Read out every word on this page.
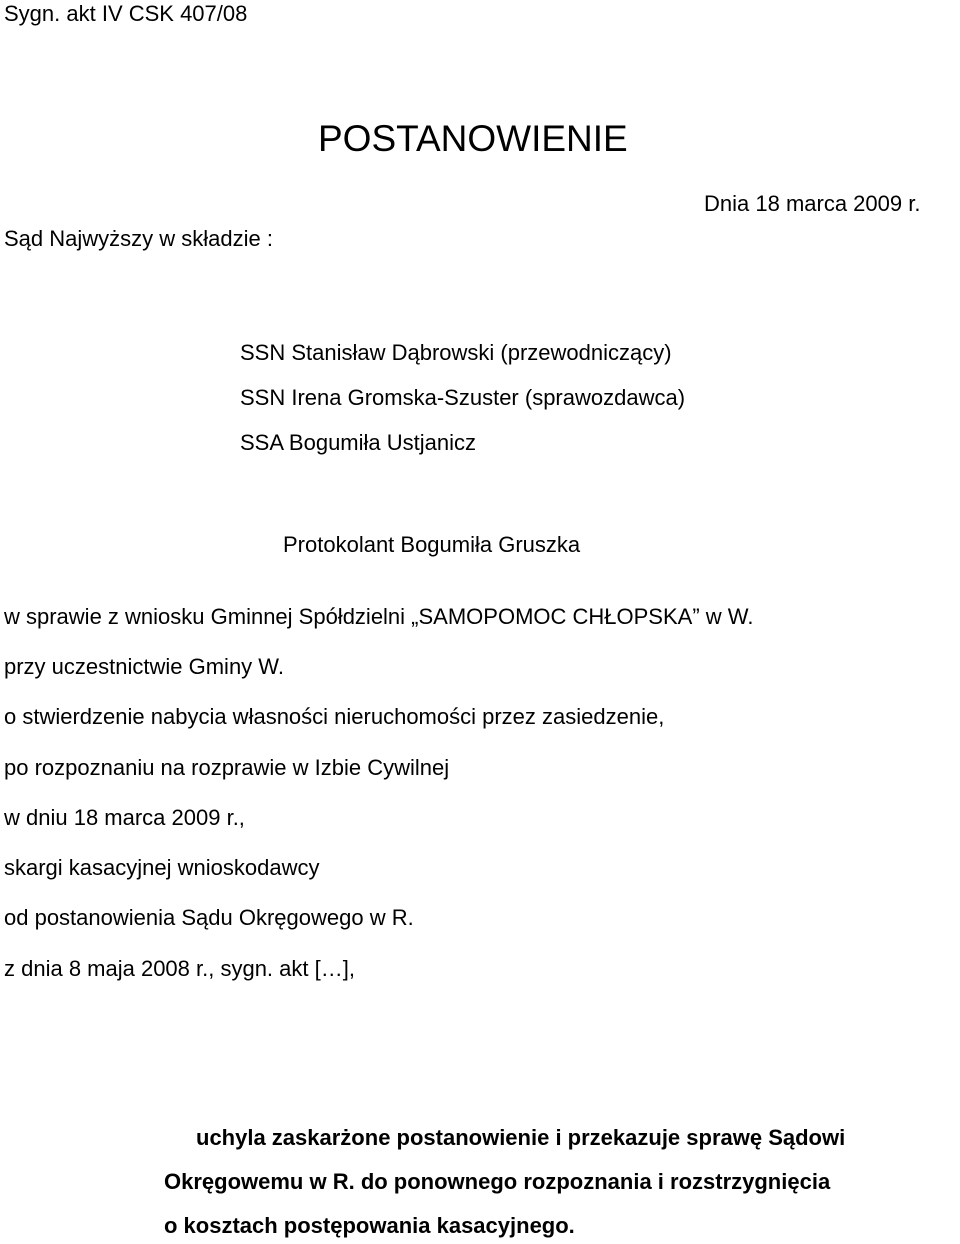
Sygn. akt IV CSK 407/08
POSTANOWIENIE
Dnia 18 marca 2009 r.
Sąd Najwyższy w składzie :
SSN Stanisław Dąbrowski (przewodniczący)
SSN Irena Gromska-Szuster (sprawozdawca)
SSA Bogumiła Ustjanicz
Protokolant Bogumiła Gruszka
w sprawie z wniosku Gminnej Spółdzielni „SAMOPOMOC CHŁOPSKA” w W.
przy uczestnictwie Gminy W.
o stwierdzenie nabycia własności nieruchomości przez zasiedzenie,
po rozpoznaniu na rozprawie w Izbie Cywilnej
w dniu 18 marca 2009 r.,
skargi kasacyjnej wnioskodawcy
od postanowienia Sądu Okręgowego w R.
z dnia 8 maja 2008 r., sygn. akt […],
uchyla zaskarżone postanowienie i przekazuje sprawę Sądowi
Okręgowemu w R. do ponownego rozpoznania i rozstrzygnięcia
o kosztach postępowania kasacyjnego.
